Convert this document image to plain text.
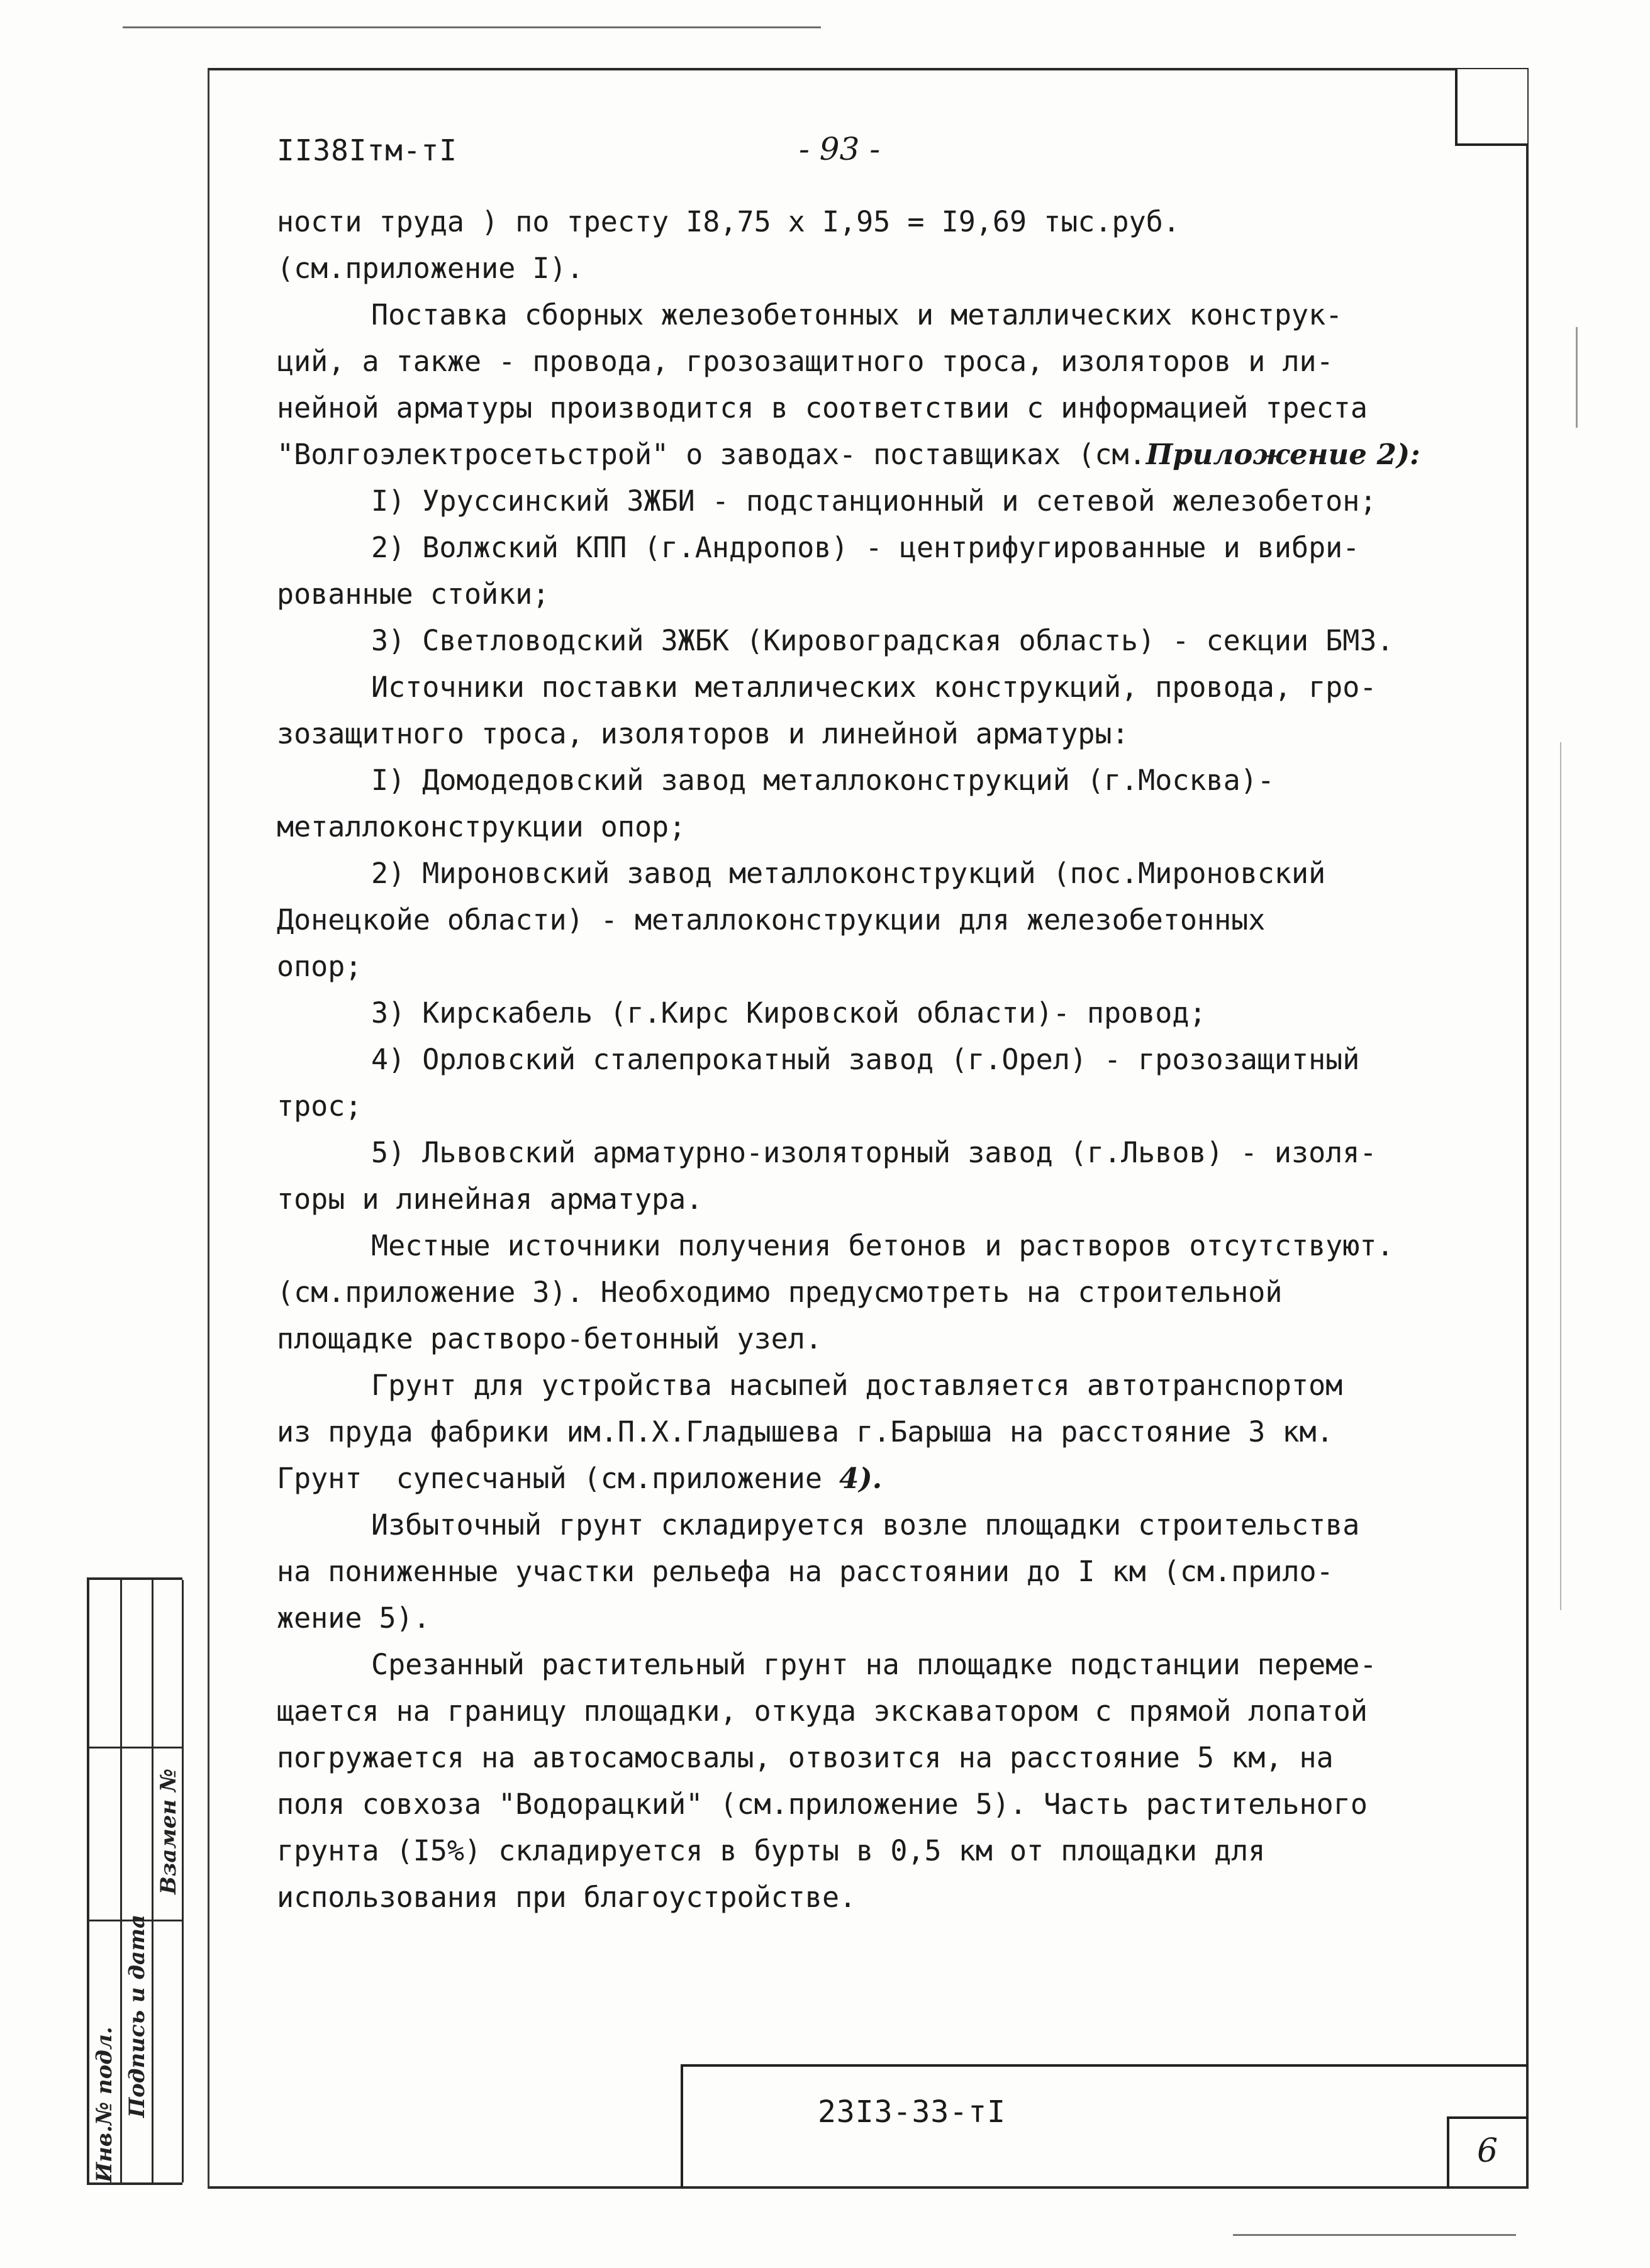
Инв.№ подл. Подпись и дата
Взамен №
II38Iтм-тI	- 93 -
ности труда ) по тресту I8,75 x I,95 = I9,69 тыс.руб.
(см.приложение I).
Поставка сборных железобетонных и металлических конструк-
ций, а также - провода, грозозащитного троса, изоляторов и ли-
нейной арматуры производится в соответствии с информацией треста
"Волгоэлектросетьстрой" о заводах- поставщиках (см.Приложение 2):
I) Уруссинский ЗЖБИ - подстанционный и сетевой железобетон;
2) Волжский КПП (г.Андропов) - центрифугированные и вибри-
рованные стойки;
3) Светловодский ЗЖБК (Кировоградская область) - секции БМЗ.
Источники поставки металлических конструкций, провода, гро-
зозащитного троса, изоляторов и линейной арматуры:
I) Домодедовский завод металлоконструкций (г.Москва)-
металлоконструкции опор;
2) Мироновский завод металлоконструкций (пос.Мироновский
Донецкойе области) - металлоконструкции для железобетонных
опор;
3) Кирскабель (г.Кирс Кировской области)- провод;
4) Орловский сталепрокатный завод (г.Орел) - грозозащитный
трос;
5) Львовский арматурно-изоляторный завод (г.Львов) - изоля-
торы и линейная арматура.
Местные источники получения бетонов и растворов отсутствуют.
(см.приложение 3). Необходимо предусмотреть на строительной
площадке растворо-бетонный узел.
Грунт для устройства насыпей доставляется автотранспортом
из пруда фабрики им.П.Х.Гладышева г.Барыша на расстояние 3 км.
Грунт  супесчаный (см.приложение 4).
Избыточный грунт складируется возле площадки строительства
на пониженные участки рельефа на расстоянии до I км (см.прило-
жение 5).
Срезанный растительный грунт на площадке подстанции переме-
щается на границу площадки, откуда экскаватором с прямой лопатой
погружается на автосамосвалы, отвозится на расстояние 5 км, на
поля совхоза "Водорацкий" (см.приложение 5). Часть растительного
грунта (I5%) складируется в бурты в 0,5 км от площадки для
использования при благоустройстве.
23I3-33-тI
6
